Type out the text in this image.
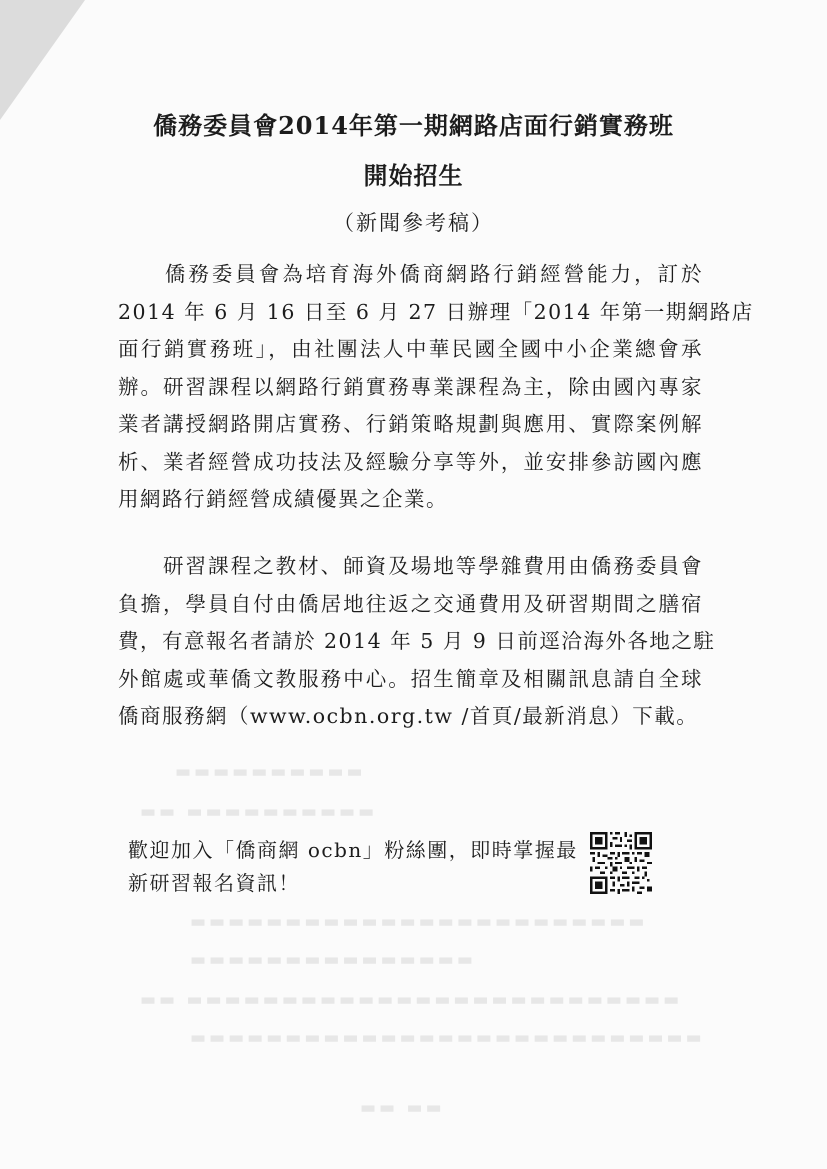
▬▬▬▬▬▬▬▬▬▬
▬▬ ▬▬▬▬▬▬▬▬▬▬
▬▬▬▬▬▬▬▬▬▬▬▬▬▬▬▬▬▬▬▬▬▬▬▬
▬▬▬▬▬▬▬▬▬▬▬▬▬▬▬
▬▬ ▬▬▬▬▬▬▬▬▬▬▬▬▬▬▬▬▬▬▬▬▬▬▬▬▬▬
▬▬▬▬▬▬▬▬▬▬▬▬▬▬▬▬▬▬▬▬▬▬▬▬▬▬▬
▬▬ ▬▬
僑務委員會2014年第一期網路店面行銷實務班
開始招生
（新聞參考稿）
　　僑務委員會為培育海外僑商網路行銷經營能力，訂於
2014 年 6 月 16 日至 6 月 27 日辦理「2014 年第一期網路店
面行銷實務班」，由社團法人中華民國全國中小企業總會承
辦。研習課程以網路行銷實務專業課程為主，除由國內專家
業者講授網路開店實務、行銷策略規劃與應用、實際案例解
析、業者經營成功技法及經驗分享等外，並安排參訪國內應
用網路行銷經營成績優異之企業。
　　研習課程之教材、師資及場地等學雜費用由僑務委員會
負擔，學員自付由僑居地往返之交通費用及研習期間之膳宿
費，有意報名者請於 2014 年 5 月 9 日前逕洽海外各地之駐
外館處或華僑文教服務中心。招生簡章及相關訊息請自全球
僑商服務網（www.ocbn.org.tw /首頁/最新消息）下載。
歡迎加入「僑商網 ocbn」粉絲團，即時掌握最
新研習報名資訊！
